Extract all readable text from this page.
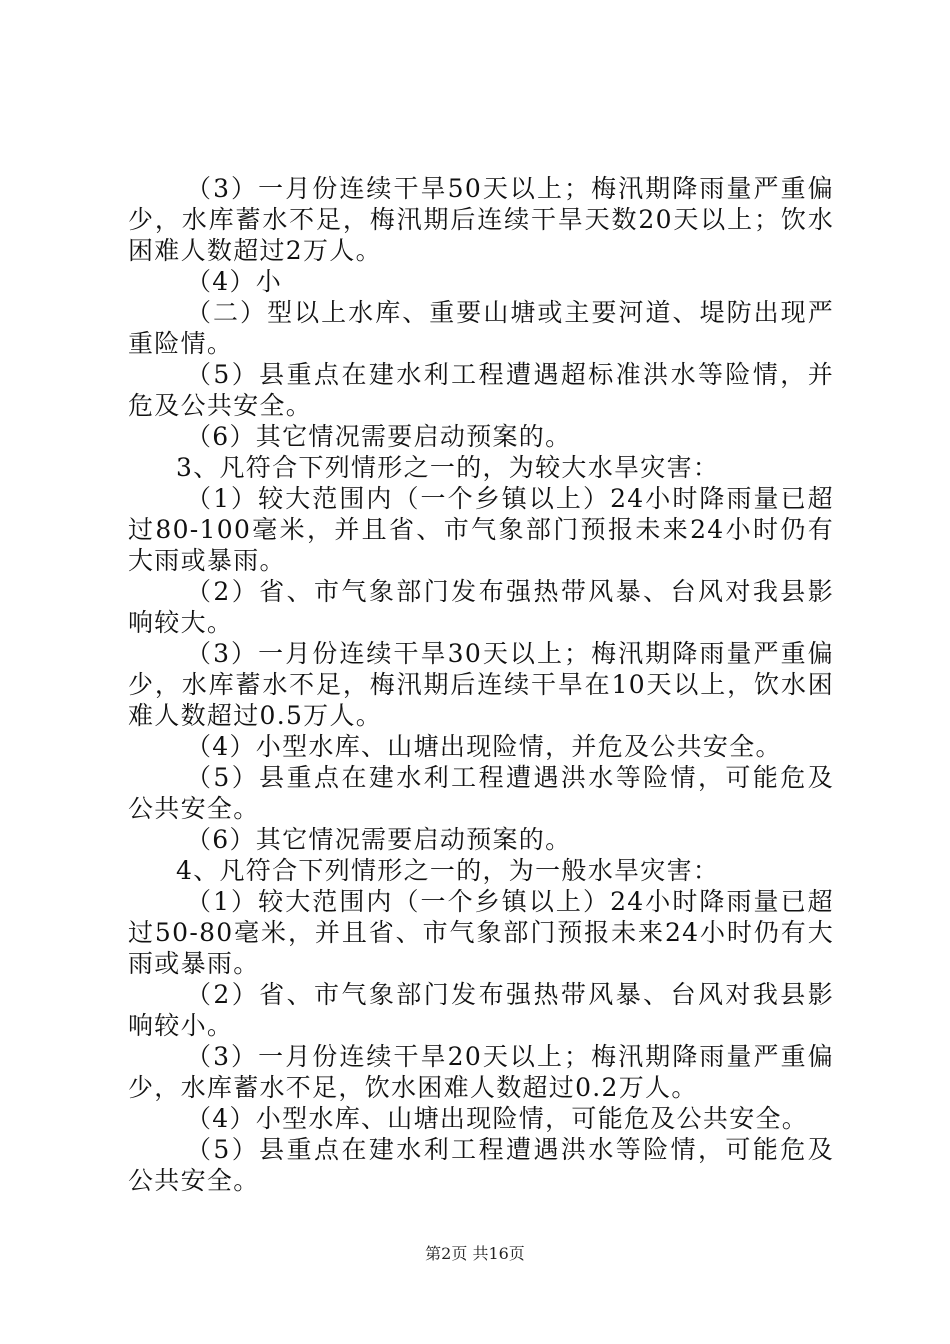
（3）一月份连续干旱50天以上；梅汛期降雨量严重偏少，水库蓄水不足，梅汛期后连续干旱天数20天以上；饮水困难人数超过2万人。

（4）小

（二）型以上水库、重要山塘或主要河道、堤防出现严重险情。

（5）县重点在建水利工程遭遇超标准洪水等险情，并危及公共安全。

（6）其它情况需要启动预案的。

3、凡符合下列情形之一的，为较大水旱灾害：

（1）较大范围内（一个乡镇以上）24小时降雨量已超过80-100毫米，并且省、市气象部门预报未来24小时仍有大雨或暴雨。

（2）省、市气象部门发布强热带风暴、台风对我县影响较大。

（3）一月份连续干旱30天以上；梅汛期降雨量严重偏少，水库蓄水不足，梅汛期后连续干旱在10天以上，饮水困难人数超过0.5万人。

（4）小型水库、山塘出现险情，并危及公共安全。

（5）县重点在建水利工程遭遇洪水等险情，可能危及公共安全。

（6）其它情况需要启动预案的。

4、凡符合下列情形之一的，为一般水旱灾害：

（1）较大范围内（一个乡镇以上）24小时降雨量已超过50-80毫米，并且省、市气象部门预报未来24小时仍有大雨或暴雨。

（2）省、市气象部门发布强热带风暴、台风对我县影响较小。

（3）一月份连续干旱20天以上；梅汛期降雨量严重偏少，水库蓄水不足，饮水困难人数超过0.2万人。

（4）小型水库、山塘出现险情，可能危及公共安全。

（5）县重点在建水利工程遭遇洪水等险情，可能危及公共安全。

第2页 共16页
